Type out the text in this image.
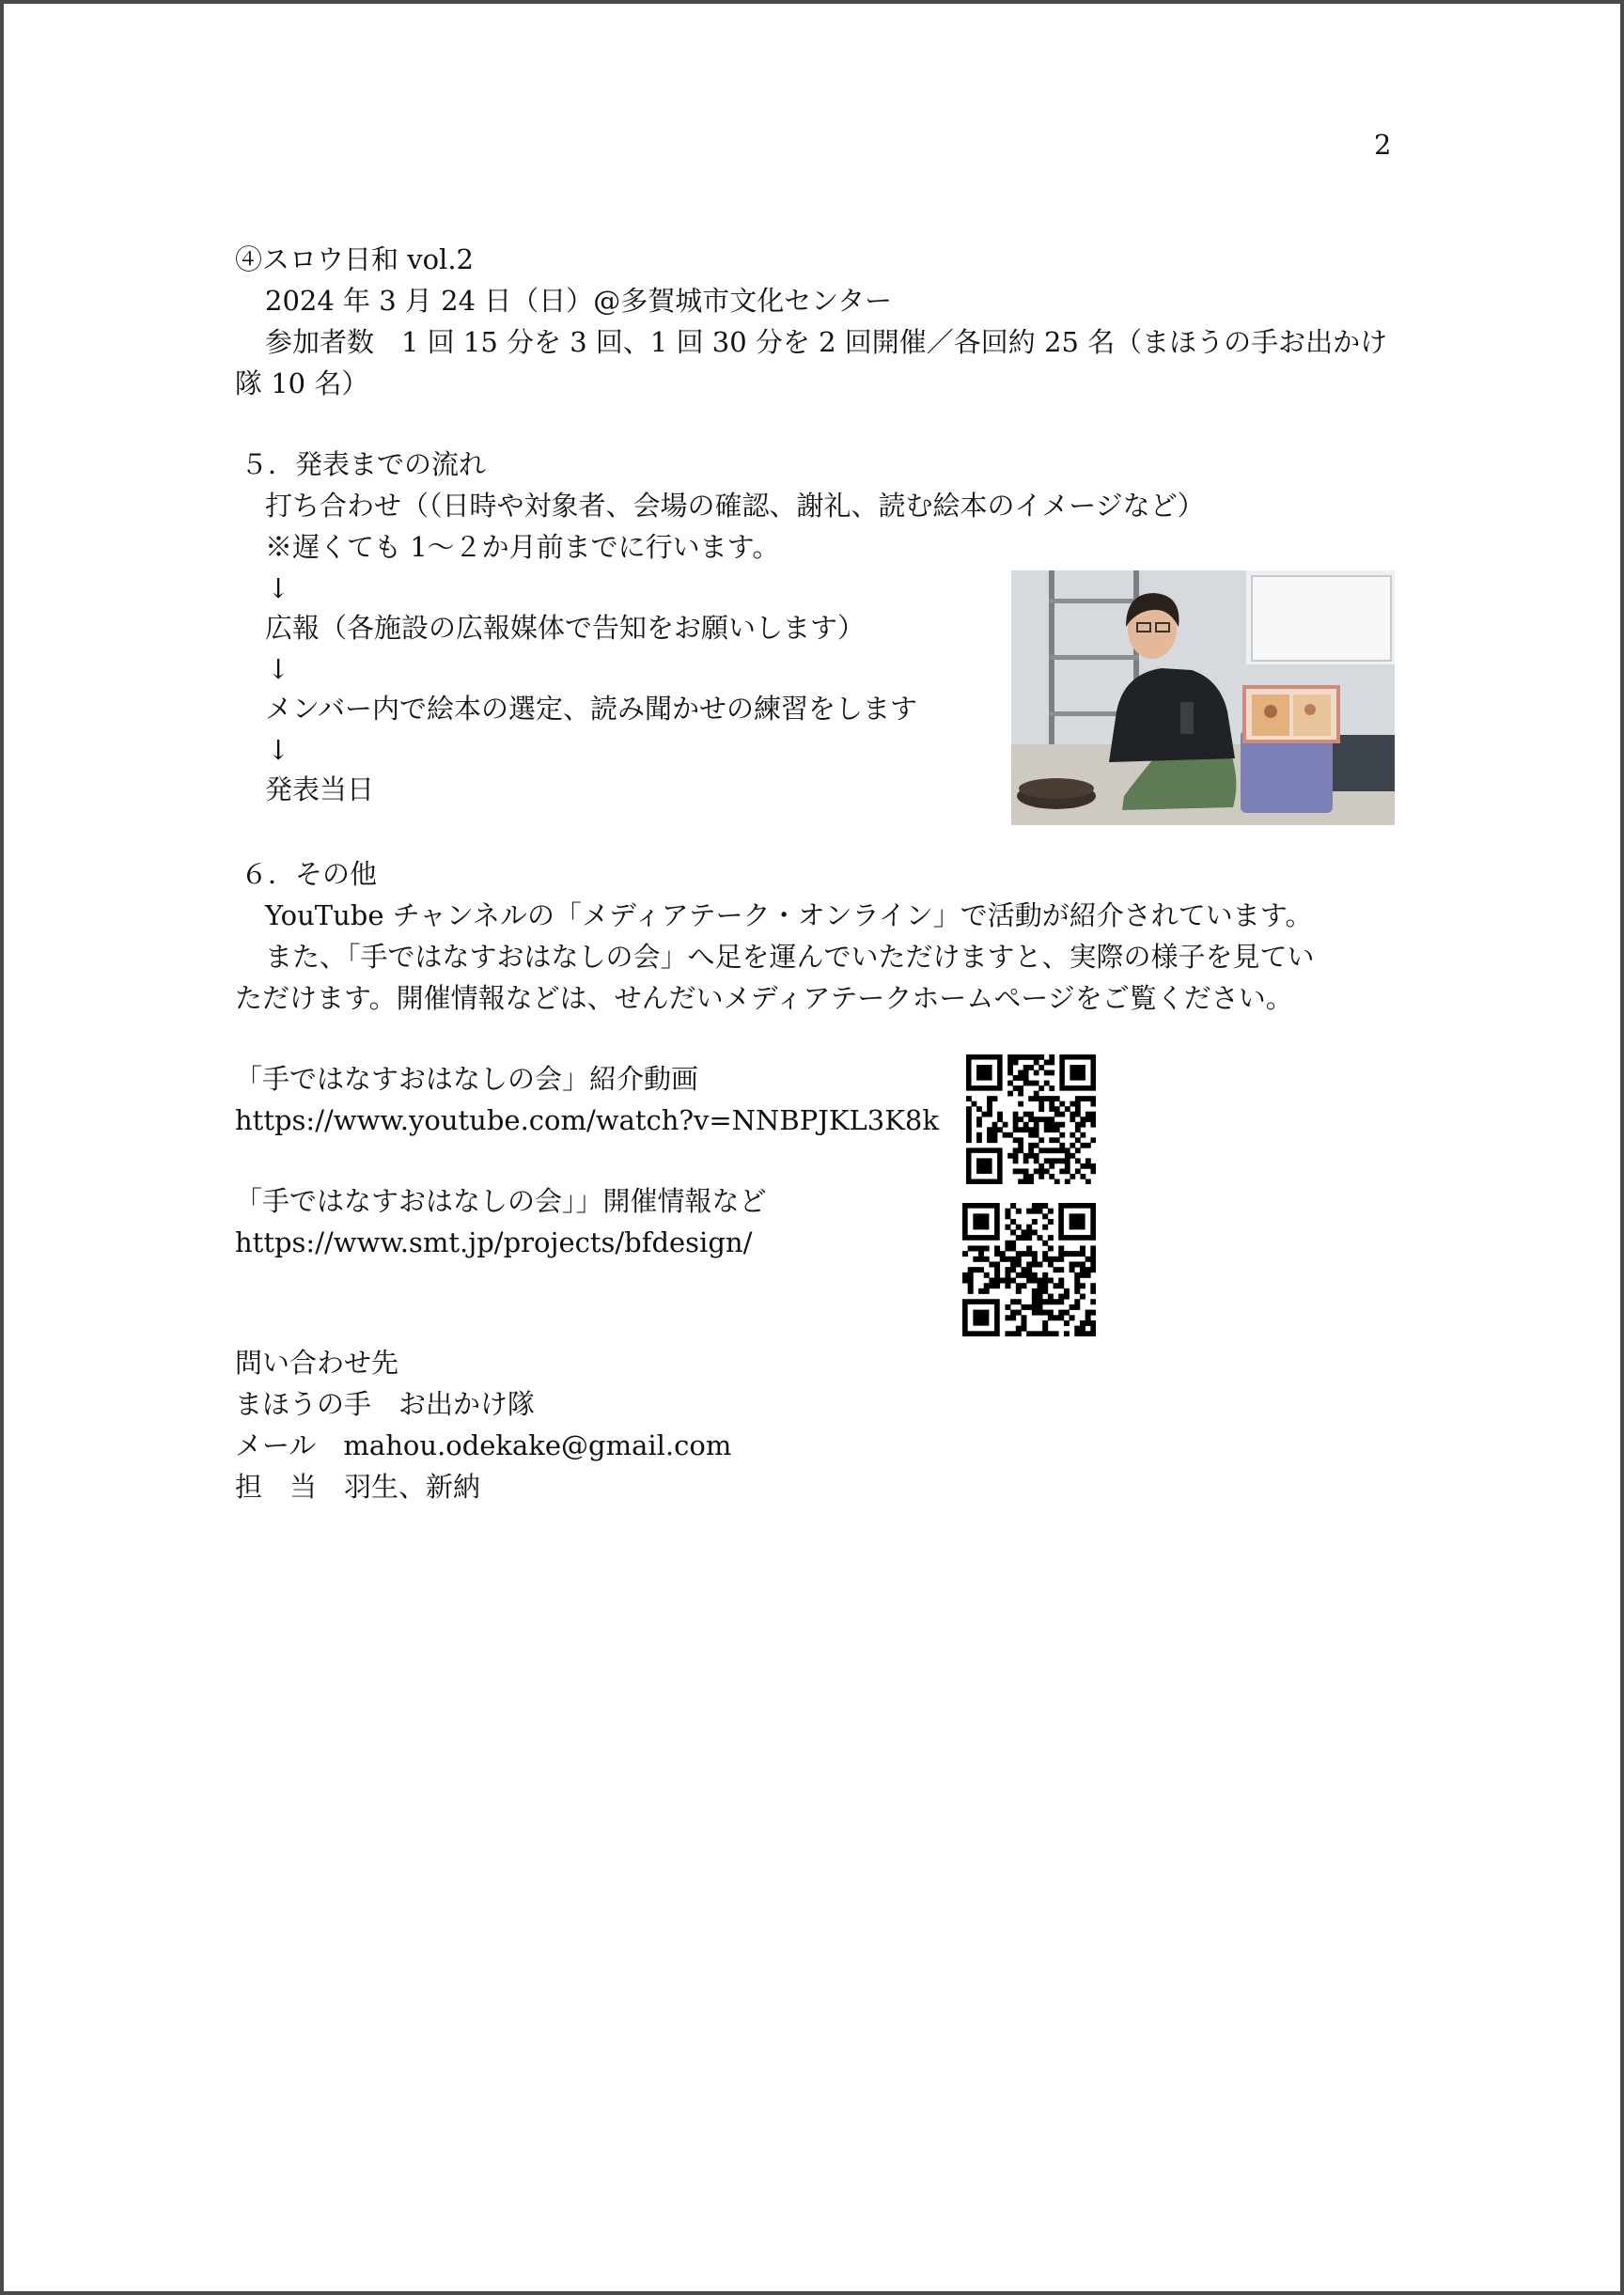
2
④スロウ日和 vol.2
2024 年 3 月 24 日（日）@多賀城市文化センター
参加者数　1 回 15 分を 3 回、1 回 30 分を 2 回開催／各回約 25 名（まほうの手お出かけ
隊 10 名）
５．発表までの流れ
打ち合わせ（（日時や対象者、会場の確認、謝礼、読む絵本のイメージなど）
※遅くても 1～２か月前までに行います。
↓
広報（各施設の広報媒体で告知をお願いします）
↓
メンバー内で絵本の選定、読み聞かせの練習をします
↓
発表当日
６．その他
YouTube チャンネルの「メディアテーク・オンライン」で活動が紹介されています。
また、「手ではなすおはなしの会」へ足を運んでいただけますと、実際の様子を見てい
ただけます。開催情報などは、せんだいメディアテークホームページをご覧ください。
「手ではなすおはなしの会」紹介動画
https://www.youtube.com/watch?v=NNBPJKL3K8k
「手ではなすおはなしの会」」開催情報など
https://www.smt.jp/projects/bfdesign/
問い合わせ先
まほうの手　お出かけ隊
メール　mahou.odekake@gmail.com
担　当　羽生、新納
